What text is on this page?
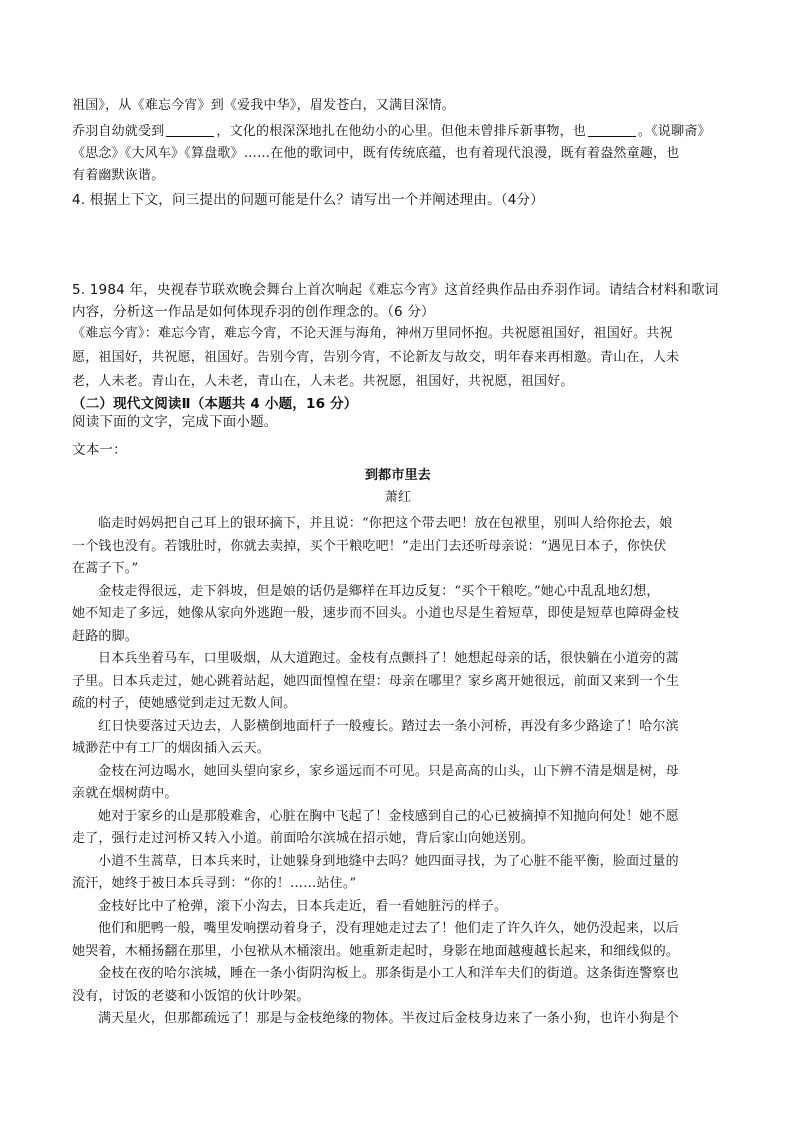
祖国》，从《难忘今宵》到《爱我中华》，眉发苍白，又满目深情。
乔羽自幼就受到	，文化的根深深地扎在他幼小的心里。但他未曾排斥新事物，也	。《说聊斋》
《思念》《大风车》《算盘歌》……在他的歌词中，既有传统底蕴，也有着现代浪漫，既有着盎然童趣，也
有着幽默诙谐。
4. 根据上下文，问三提出的问题可能是什么？请写出一个并阐述理由。（4分）
5. 1984 年，央视春节联欢晚会舞台上首次响起《难忘今宵》这首经典作品由乔羽作词。请结合材料和歌词
内容，分析这一作品是如何体现乔羽的创作理念的。（6 分）
《难忘今宵》：难忘今宵，难忘今宵，不论天涯与海角，神州万里同怀抱。共祝愿祖国好，祖国好。共祝
愿，祖国好，共祝愿，祖国好。告别今宵，告别今宵，不论新友与故交，明年春来再相邀。青山在，人未
老，人未老。青山在，人未老，青山在，人未老。共祝愿，祖国好，共祝愿，祖国好。
（二）现代文阅读Ⅱ（本题共 4 小题，16 分）
阅读下面的文字，完成下面小题。
文本一：
到都市里去
萧红
临走时妈妈把自己耳上的银环摘下，并且说：“你把这个带去吧！放在包袱里，别叫人给你抢去，娘
一个钱也没有。若饿肚时，你就去卖掉，买个干粮吃吧！”走出门去还听母亲说：“遇见日本子，你快伏
在蒿子下。”
金枝走得很远，走下斜坡，但是娘的话仍是鄉样在耳边反复：“买个干粮吃。”她心中乱乱地幻想，
她不知走了多远，她像从家向外逃跑一般，速步而不回头。小道也尽是生着短草，即使是短草也障碍金枝
赶路的脚。
日本兵坐着马车，口里吸烟，从大道跑过。金枝有点颤抖了！她想起母亲的话，很快躺在小道旁的蒿
子里。日本兵走过，她心跳着站起，她四面惶惶在望：母亲在哪里？家乡离开她很远，前面又来到一个生
疏的村子，使她感觉到走过无数人间。
红日快要落过天边去，人影横倒地面杆子一般瘦长。踏过去一条小河桥，再没有多少路途了！哈尔滨
城渺茫中有工厂的烟囱插入云天。
金枝在河边喝水，她回头望向家乡，家乡遥远而不可见。只是高高的山头，山下辨不清是烟是树，母
亲就在烟树荫中。
她对于家乡的山是那般难舍，心脏在胸中飞起了！金枝感到自己的心已被摘掉不知抛向何处！她不愿
走了，强行走过河桥又转入小道。前面哈尔滨城在招示她，背后家山向她送别。
小道不生蒿草，日本兵来时，让她躲身到地缝中去吗？她四面寻找，为了心脏不能平衡，脸面过量的
流汗，她终于被日本兵寻到：“你的！……站住。”
金枝好比中了枪弹，滚下小沟去，日本兵走近，看一看她脏污的样子。
他们和肥鸭一般，嘴里发响摆动着身子，没有理她走过去了！他们走了许久许久，她仍没起来，以后
她哭着，木桶扬翻在那里，小包袱从木桶滚出。她重新走起时，身影在地面越瘦越长起来，和细线似的。
金枝在夜的哈尔滨城，睡在一条小街阴沟板上。那条街是小工人和洋车夫们的街道。这条街连警察也
没有，讨饭的老婆和小饭馆的伙计吵架。
满天星火，但那都疏远了！那是与金枝绝缘的物体。半夜过后金枝身边来了一条小狗，也许小狗是个
